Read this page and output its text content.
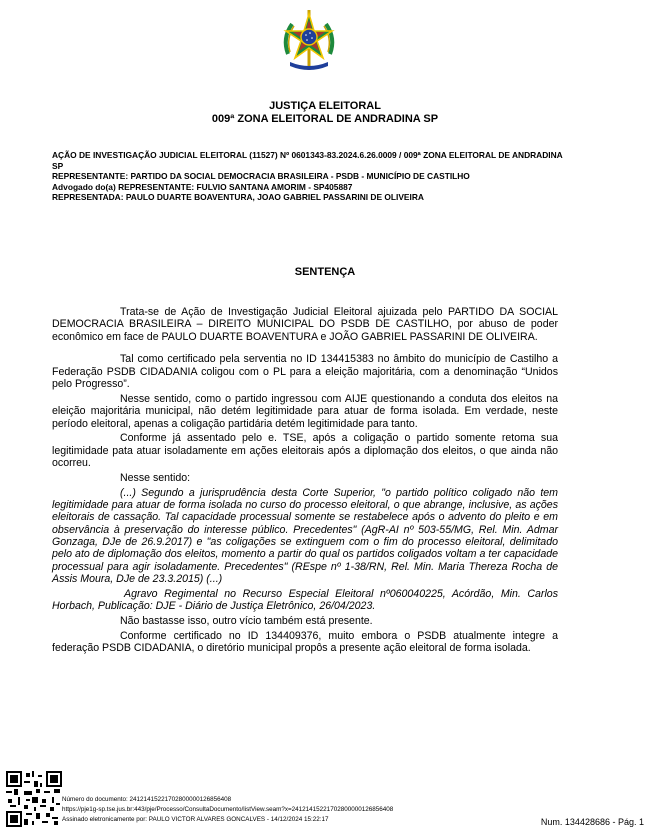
JUSTIÇA ELEITORAL
009ª ZONA ELEITORAL DE ANDRADINA SP
AÇÃO DE INVESTIGAÇÃO JUDICIAL ELEITORAL (11527) Nº 0601343-83.2024.6.26.0009 / 009ª ZONA ELEITORAL DE ANDRADINA SP
REPRESENTANTE: PARTIDO DA SOCIAL DEMOCRACIA BRASILEIRA - PSDB - MUNICÍPIO DE CASTILHO
Advogado do(a) REPRESENTANTE: FULVIO SANTANA AMORIM - SP405887
REPRESENTADA: PAULO DUARTE BOAVENTURA, JOAO GABRIEL PASSARINI DE OLIVEIRA
SENTENÇA

Trata-se de Ação de Investigação Judicial Eleitoral ajuizada pelo PARTIDO DA SOCIAL DEMOCRACIA BRASILEIRA – DIREITO MUNICIPAL DO PSDB DE CASTILHO, por abuso de poder econômico em face de PAULO DUARTE BOAVENTURA e JOÃO GABRIEL PASSARINI DE OLIVEIRA.

Tal como certificado pela serventia no ID 134415383 no âmbito do município de Castilho a Federação PSDB CIDADANIA coligou com o PL para a eleição majoritária, com a denominação “Unidos pelo Progresso”.

Nesse sentido, como o partido ingressou com AIJE questionando a conduta dos eleitos na eleição majoritária municipal, não detém legitimidade para atuar de forma isolada. Em verdade, neste período eleitoral, apenas a coligação partidária detém legitimidade para tanto.

Conforme já assentado pelo e. TSE, após a coligação o partido somente retoma sua legitimidade pata atuar isoladamente em ações eleitorais após a diplomação dos eleitos, o que ainda não ocorreu.

Nesse sentido:

(...) Segundo a jurisprudência desta Corte Superior, "o partido político coligado não tem legitimidade para atuar de forma isolada no curso do processo eleitoral, o que abrange, inclusive, as ações eleitorais de cassação. Tal capacidade processual somente se restabelece após o advento do pleito e em observância à preservação do interesse público. Precedentes" (AgR-AI nº 503-55/MG, Rel. Min. Admar Gonzaga, DJe de 26.9.2017) e "as coligações se extinguem com o fim do processo eleitoral, delimitado pelo ato de diplomação dos eleitos, momento a partir do qual os partidos coligados voltam a ter capacidade processual para agir isoladamente. Precedentes" (REspe nº 1-38/RN, Rel. Min. Maria Thereza Rocha de Assis Moura, DJe de 23.3.2015) (...)

Agravo Regimental no Recurso Especial Eleitoral nº060040225, Acórdão, Min. Carlos Horbach, Publicação: DJE - Diário de Justiça Eletrônico, 26/04/2023.

Não bastasse isso, outro vício também está presente.

Conforme certificado no ID 134409376, muito embora o PSDB atualmente integre a federação PSDB CIDADANIA, o diretório municipal propôs a presente ação eleitoral de forma isolada.

Número do documento: 24121415221702800000126856408
https://pje1g-sp.tse.jus.br:443/pje/Processo/ConsultaDocumento/listView.seam?x=24121415221702800000126856408
Assinado eletronicamente por: PAULO VICTOR ALVARES GONCALVES - 14/12/2024 15:22:17	Num. 134428686 - Pág. 1
